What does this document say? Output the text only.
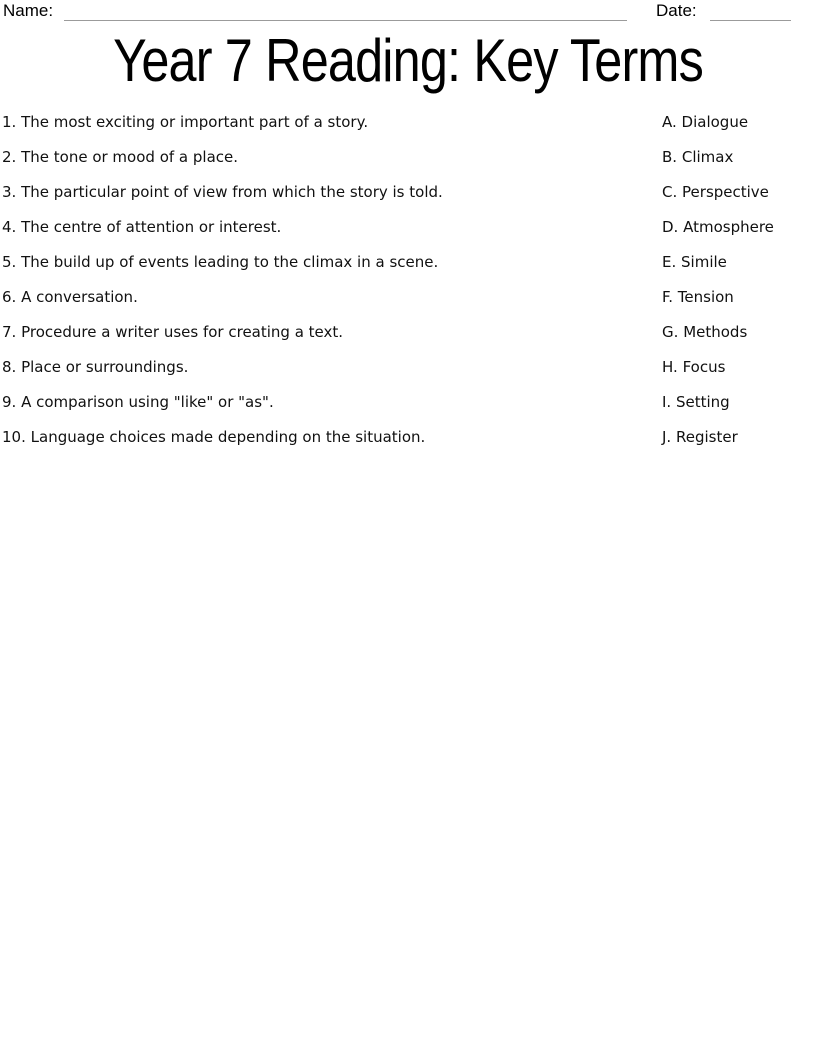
Name:	Date:
Year 7 Reading: Key Terms
1. The most exciting or important part of a story.	A. Dialogue
2. The tone or mood of a place.	B. Climax
3. The particular point of view from which the story is told.	C. Perspective
4. The centre of attention or interest.	D. Atmosphere
5. The build up of events leading to the climax in a scene.	E. Simile
6. A conversation.	F. Tension
7. Procedure a writer uses for creating a text.	G. Methods
8. Place or surroundings.	H. Focus
9. A comparison using "like" or "as".	I. Setting
10. Language choices made depending on the situation.	J. Register
